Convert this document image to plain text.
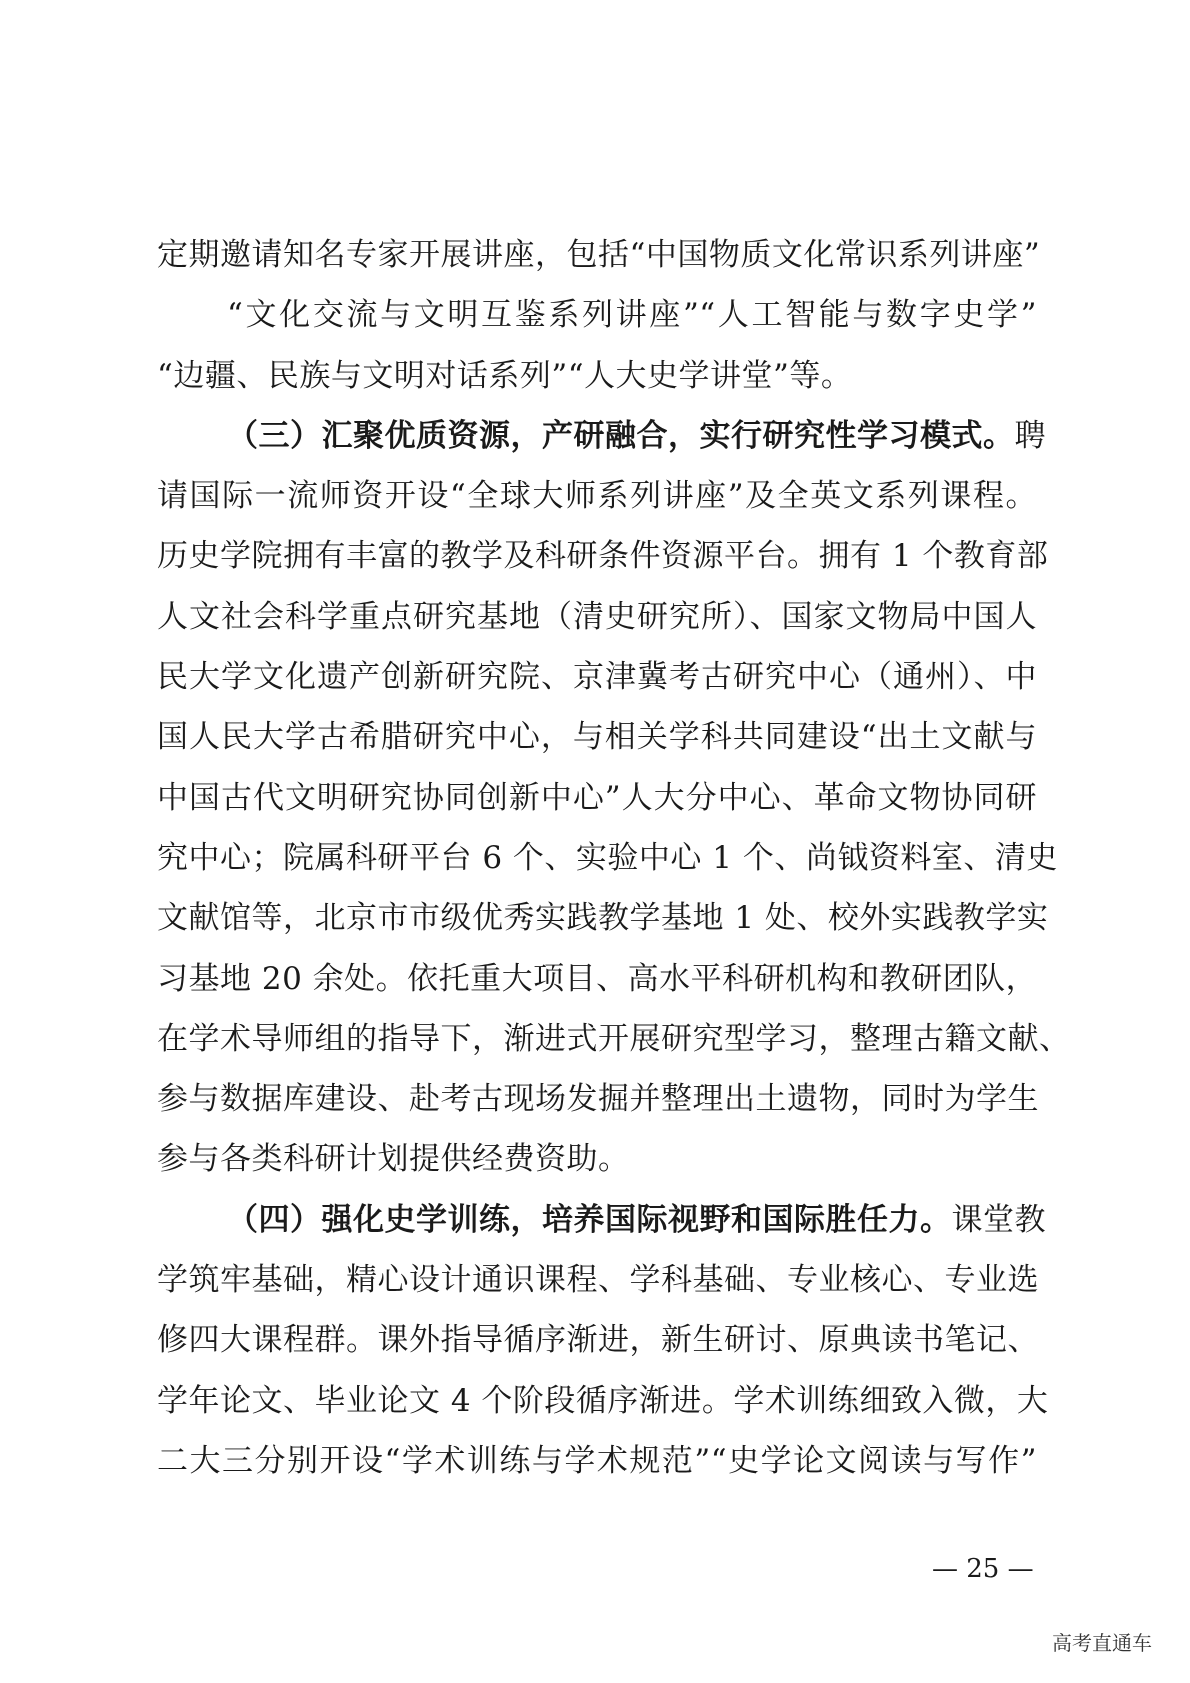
定期邀请知名专家开展讲座，包括“中国物质文化常识系列讲座”
“文化交流与文明互鉴系列讲座”“人工智能与数字史学”
“边疆、民族与文明对话系列”“人大史学讲堂”等。
（三）汇聚优质资源，产研融合，实行研究性学习模式。聘
请国际一流师资开设“全球大师系列讲座”及全英文系列课程。
历史学院拥有丰富的教学及科研条件资源平台。拥有 1 个教育部
人文社会科学重点研究基地（清史研究所）、国家文物局中国人
民大学文化遗产创新研究院、京津冀考古研究中心（通州）、中
国人民大学古希腊研究中心，与相关学科共同建设“出土文献与
中国古代文明研究协同创新中心”人大分中心、革命文物协同研
究中心；院属科研平台 6 个、实验中心 1 个、尚钺资料室、清史
文献馆等，北京市市级优秀实践教学基地 1 处、校外实践教学实
习基地 20 余处。依托重大项目、高水平科研机构和教研团队，
在学术导师组的指导下，渐进式开展研究型学习，整理古籍文献、
参与数据库建设、赴考古现场发掘并整理出土遗物，同时为学生
参与各类科研计划提供经费资助。
（四）强化史学训练，培养国际视野和国际胜任力。课堂教
学筑牢基础，精心设计通识课程、学科基础、专业核心、专业选
修四大课程群。课外指导循序渐进，新生研讨、原典读书笔记、
学年论文、毕业论文 4 个阶段循序渐进。学术训练细致入微，大
二大三分别开设“学术训练与学术规范”“史学论文阅读与写作”
— 25 —
高考直通车
